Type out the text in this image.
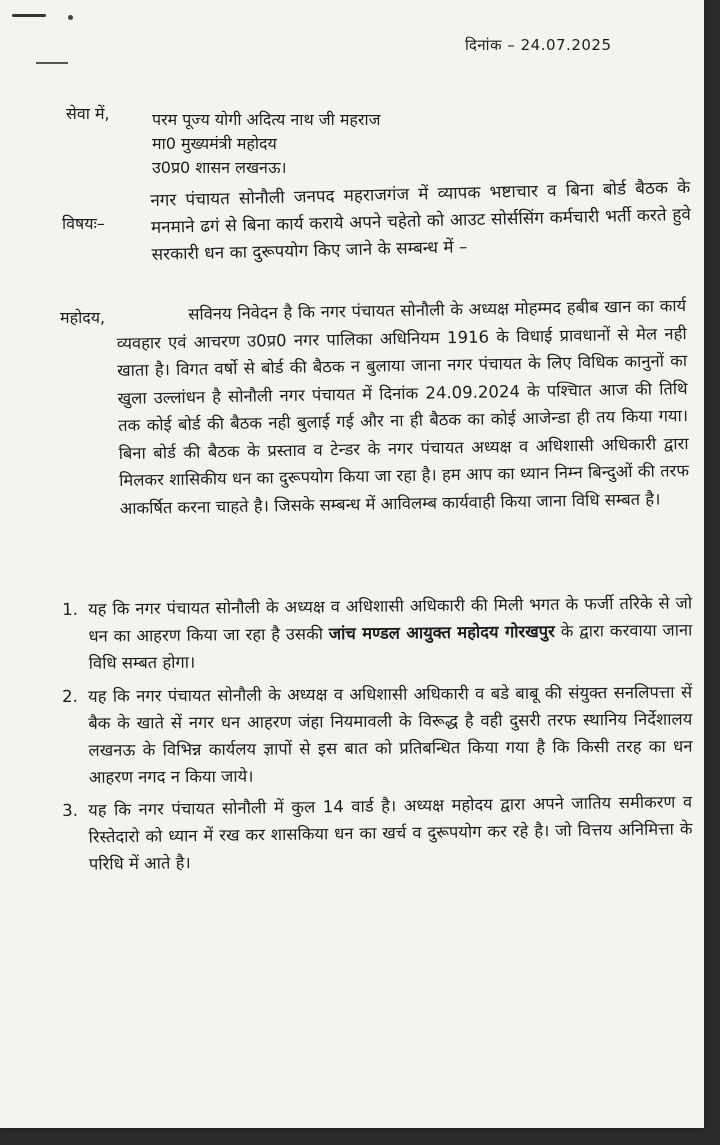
दिनांक – 24.07.2025
सेवा में,	परम पूज्य योगी अदित्य नाथ जी महराज
मा0 मुख्यमंत्री महोदय
उ0प्र0 शासन लखनऊ।
विषयः–
नगर पंचायत सोनौली जनपद महराजगंज में व्यापक भष्टाचार व बिना बोर्ड बैठक के मनमाने ढगं से बिना कार्य कराये अपने चहेतो को आउट सोर्ससिंग कर्मचारी भर्ती करते हुवे सरकारी धन का दुरूपयोग किए जाने के सम्बन्ध में –
महोदय,	सविनय निवेदन है कि नगर पंचायत सोनौली के अध्यक्ष मोहम्मद हबीब खान का कार्य व्यवहार एवं आचरण उ0प्र0 नगर पालिका अधिनियम 1916 के विधाई प्रावधानों से मेल नही खाता है। विगत वर्षो से बोर्ड की बैठक न बुलाया जाना नगर पंचायत के लिए विधिक कानुनों का खुला उल्लांधन है सोनौली नगर पंचायत में दिनांक 24.09.2024 के पश्चिात आज की तिथि तक कोई बोर्ड की बैठक नही बुलाई गई और ना ही बैठक का कोई आजेन्डा ही तय किया गया। बिना बोर्ड की बैठक के प्रस्ताव व टेन्डर के नगर पंचायत अध्यक्ष व अधिशासी अधिकारी द्वारा मिलकर शासिकीय धन का दुरूपयोग किया जा रहा है। हम आप का ध्यान निम्न बिन्दुओं की तरफ आकर्षित करना चाहते है। जिसके सम्बन्ध में आविलम्ब कार्यवाही किया जाना विधि सम्बत है।
1. यह कि नगर पंचायत सोनौली के अध्यक्ष व अधिशासी अधिकारी की मिली भगत के फर्जी तरिके से जो धन का आहरण किया जा रहा है उसकी जांच मण्डल आयुक्त महोदय गोरखपुर के द्वारा करवाया जाना विधि सम्बत होगा।
2. यह कि नगर पंचायत सोनौली के अध्यक्ष व अधिशासी अधिकारी व बडे बाबू की संयुक्त सनलिपत्ता सें बैक के खाते सें नगर धन आहरण जंहा नियमावली के विरूद्ध है वही दुसरी तरफ स्थानिय निर्देशालय लखनऊ के विभिन्न कार्यलय ज्ञापों से इस बात को प्रतिबन्धित किया गया है कि किसी तरह का धन आहरण नगद न किया जाये।
3. यह कि नगर पंचायत सोनौली में कुल 14 वार्ड है। अध्यक्ष महोदय द्वारा अपने जातिय समीकरण व रिस्तेदारो को ध्यान में रख कर शासकिया धन का खर्च व दुरूपयोग कर रहे है। जो वित्तय अनिमित्ता के परिधि में आते है।
